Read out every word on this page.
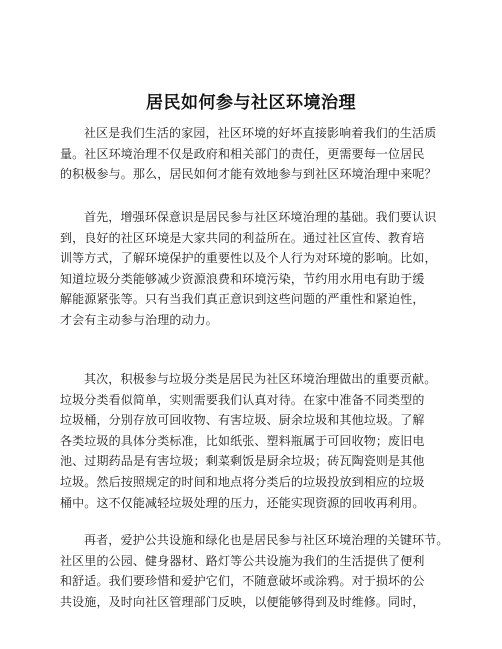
居民如何参与社区环境治理
社区是我们生活的家园，社区环境的好坏直接影响着我们的生活质
量。社区环境治理不仅是政府和相关部门的责任，更需要每一位居民
的积极参与。那么，居民如何才能有效地参与到社区环境治理中来呢？
首先，增强环保意识是居民参与社区环境治理的基础。我们要认识
到，良好的社区环境是大家共同的利益所在。通过社区宣传、教育培
训等方式，了解环境保护的重要性以及个人行为对环境的影响。比如，
知道垃圾分类能够减少资源浪费和环境污染，节约用水用电有助于缓
解能源紧张等。只有当我们真正意识到这些问题的严重性和紧迫性，
才会有主动参与治理的动力。
其次，积极参与垃圾分类是居民为社区环境治理做出的重要贡献。
垃圾分类看似简单，实则需要我们认真对待。在家中准备不同类型的
垃圾桶，分别存放可回收物、有害垃圾、厨余垃圾和其他垃圾。了解
各类垃圾的具体分类标准，比如纸张、塑料瓶属于可回收物；废旧电
池、过期药品是有害垃圾；剩菜剩饭是厨余垃圾；砖瓦陶瓷则是其他
垃圾。然后按照规定的时间和地点将分类后的垃圾投放到相应的垃圾
桶中。这不仅能减轻垃圾处理的压力，还能实现资源的回收再利用。
再者，爱护公共设施和绿化也是居民参与社区环境治理的关键环节。
社区里的公园、健身器材、路灯等公共设施为我们的生活提供了便利
和舒适。我们要珍惜和爱护它们，不随意破坏或涂鸦。对于损坏的公
共设施，及时向社区管理部门反映，以便能够得到及时维修。同时，
